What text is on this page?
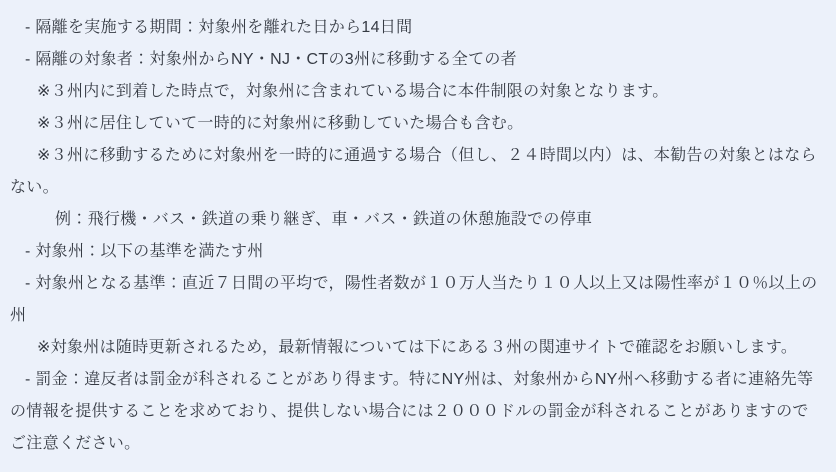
- 隔離を実施する期間：対象州を離れた日から14日間
- 隔離の対象者：対象州からNY・NJ・CTの3州に移動する全ての者
※３州内に到着した時点で，対象州に含まれている場合に本件制限の対象となります。
※３州に居住していて一時的に対象州に移動していた場合も含む。
※３州に移動するために対象州を一時的に通過する場合（但し、２４時間以内）は、本勧告の対象とはなら
ない。
例：飛行機・バス・鉄道の乗り継ぎ、車・バス・鉄道の休憩施設での停車
- 対象州：以下の基準を満たす州
- 対象州となる基準：直近７日間の平均で，陽性者数が１０万人当たり１０人以上又は陽性率が１０％以上の
州
※対象州は随時更新されるため，最新情報については下にある３州の関連サイトで確認をお願いします。
- 罰金：違反者は罰金が科されることがあり得ます。特にNY州は、対象州からNY州へ移動する者に連絡先等
の情報を提供することを求めており、提供しない場合には２０００ドルの罰金が科されることがありますので
ご注意ください。
